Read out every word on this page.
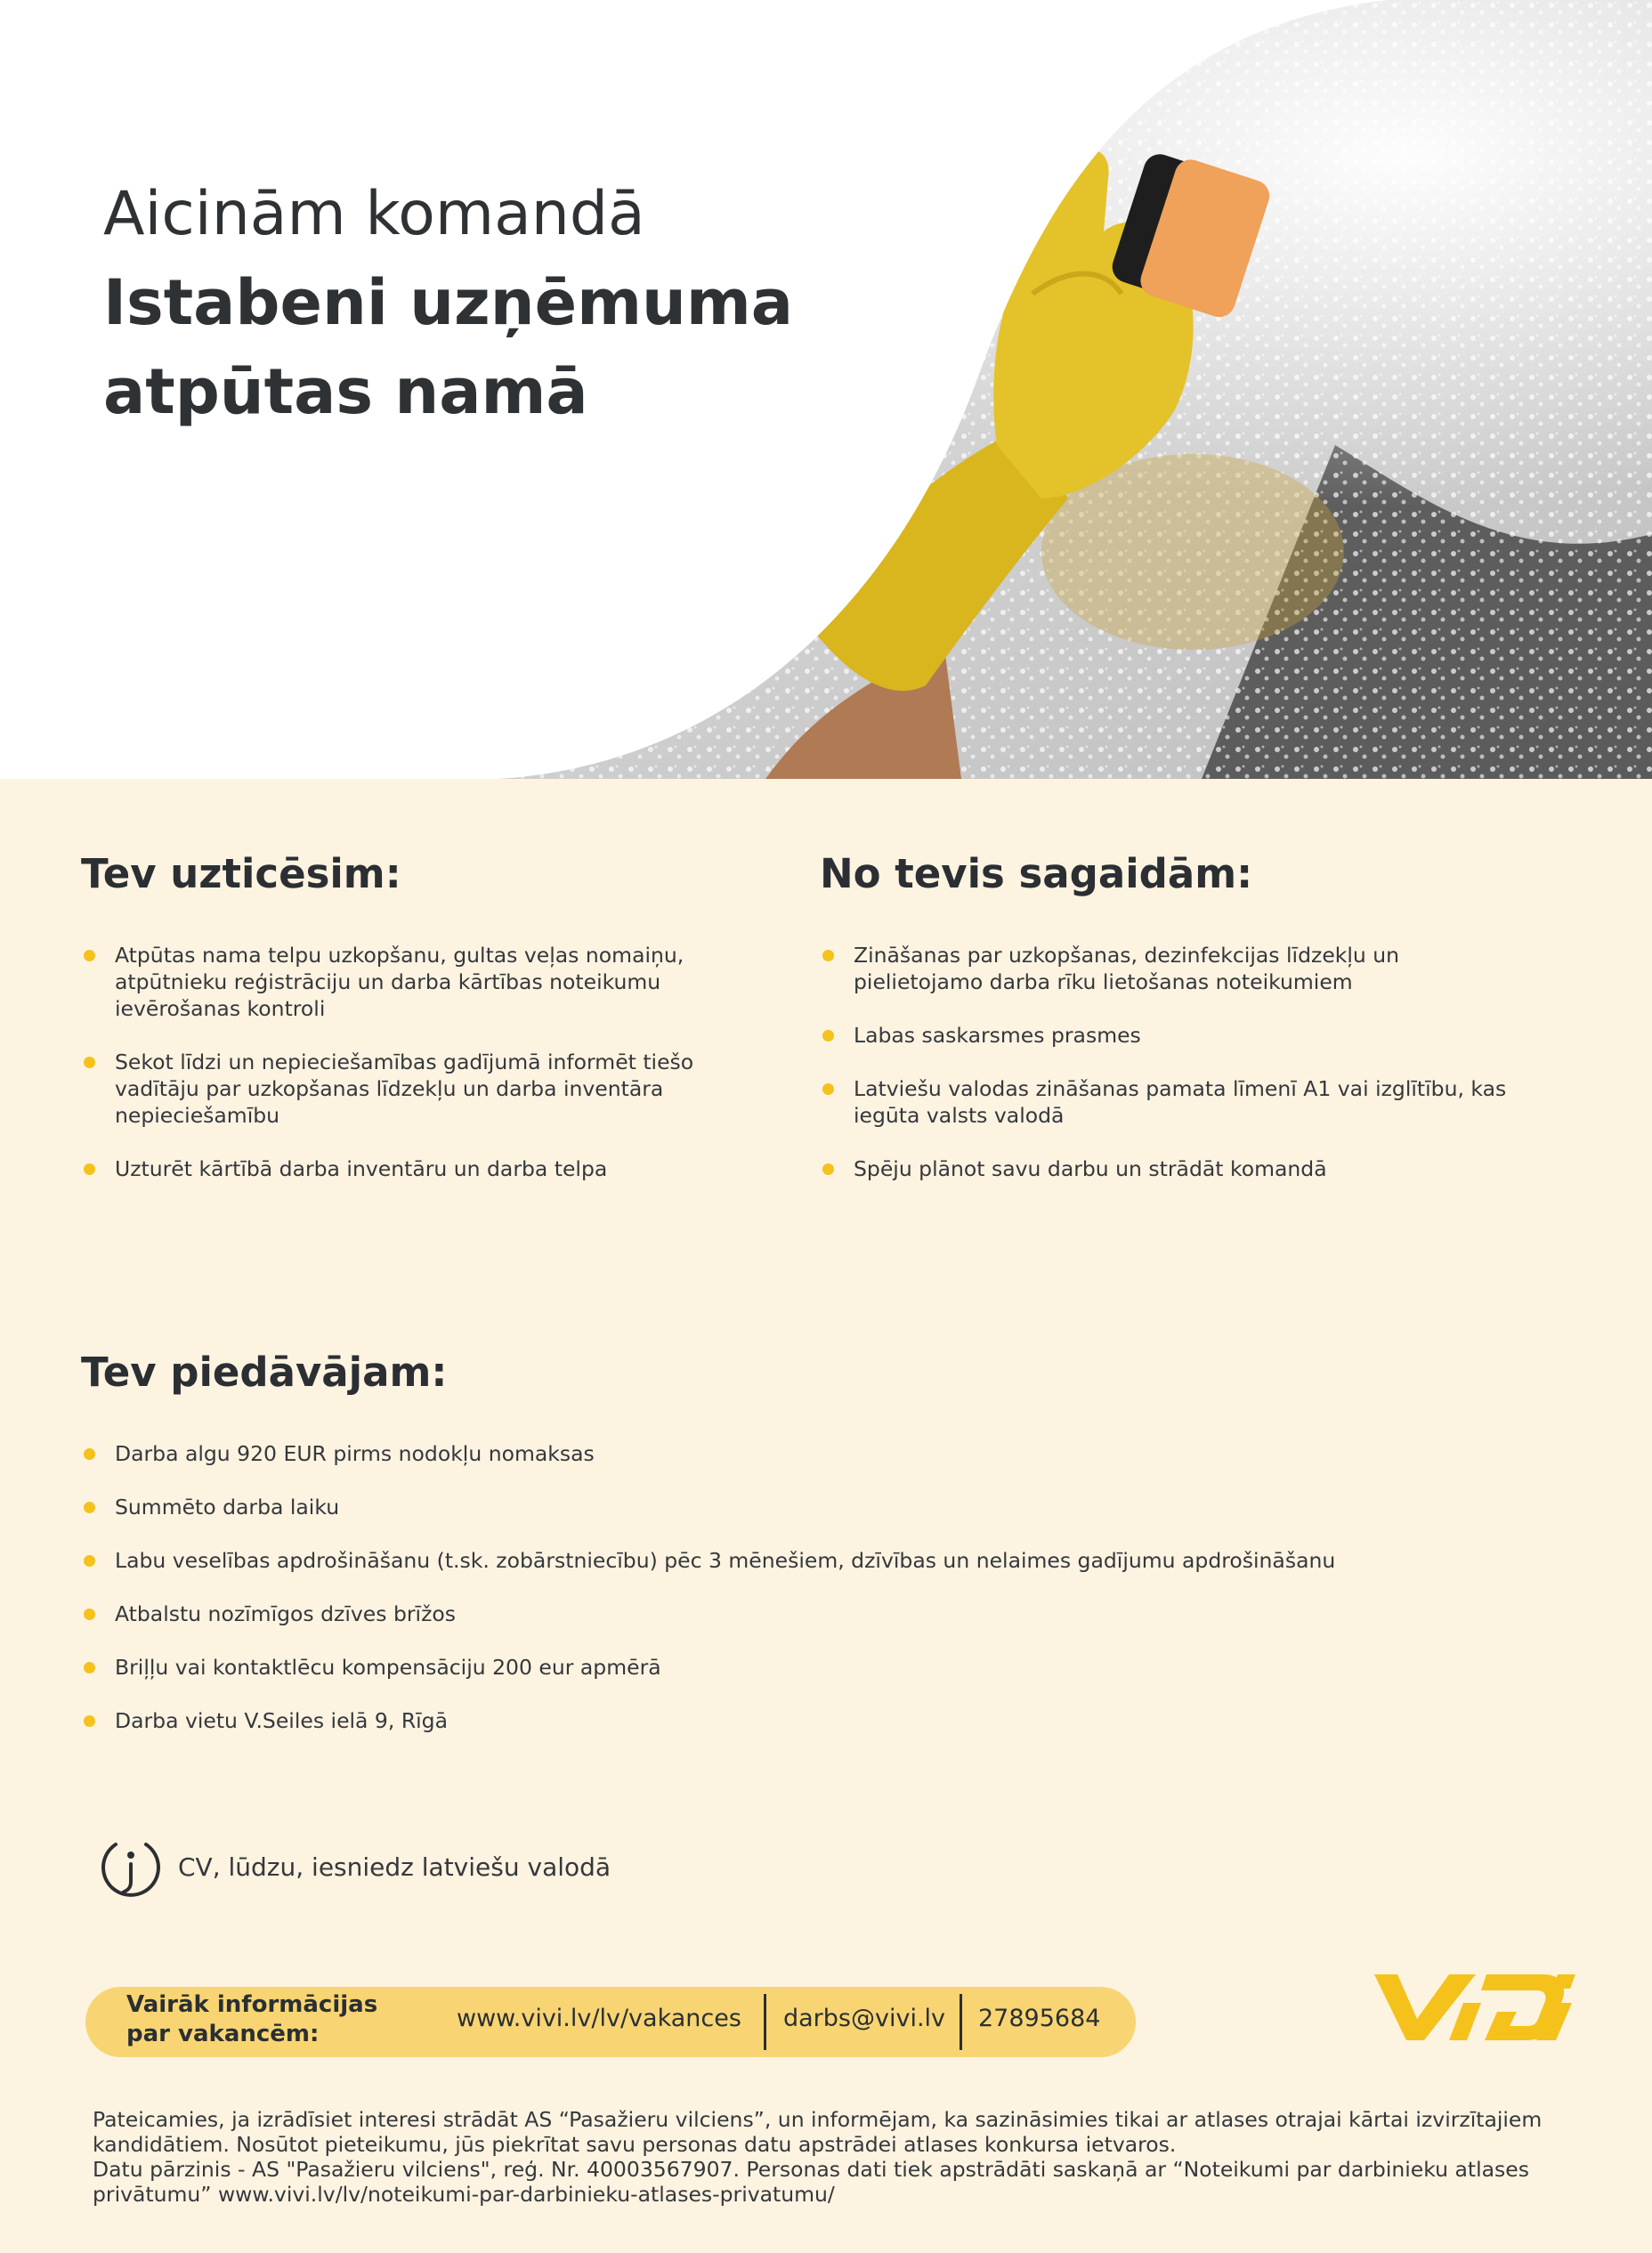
Aicinām komandā
Istabeni uzņēmuma
atpūtas namā
Tev uzticēsim:
Atpūtas nama telpu uzkopšanu, gultas veļas nomaiņu, atpūtnieku reģistrāciju un darba kārtības noteikumu ievērošanas kontroli
Sekot līdzi un nepieciešamības gadījumā informēt tiešo vadītāju par uzkopšanas līdzekļu un darba inventāra nepieciešamību
Uzturēt kārtībā darba inventāru un darba telpa
No tevis sagaidām:
Zināšanas par uzkopšanas, dezinfekcijas līdzekļu un pielietojamo darba rīku lietošanas noteikumiem
Labas saskarsmes prasmes
Latviešu valodas zināšanas pamata līmenī A1 vai izglītību, kas iegūta valsts valodā
Spēju plānot savu darbu un strādāt komandā
Tev piedāvājam:
Darba algu 920 EUR pirms nodokļu nomaksas
Summēto darba laiku
Labu veselības apdrošināšanu (t.sk. zobārstniecību) pēc 3 mēnešiem, dzīvības un nelaimes gadījumu apdrošināšanu
Atbalstu nozīmīgos dzīves brīžos
Briļļu vai kontaktlēcu kompensāciju 200 eur apmērā
Darba vietu V.Seiles ielā 9, Rīgā
CV, lūdzu, iesniedz latviešu valodā
Vairāk informācijas par vakancēm:
www.vivi.lv/lv/vakances darbs@vivi.lv 27895684

Pateicamies, ja izrādīsiet interesi strādāt AS “Pasažieru vilciens”, un informējam, ka sazināsimies tikai ar atlases otrajai kārtai izvirzītajiem kandidātiem. Nosūtot pieteikumu, jūs piekrītat savu personas datu apstrādei atlases konkursa ietvaros.

Datu pārzinis - AS "Pasažieru vilciens", reģ. Nr. 40003567907. Personas dati tiek apstrādāti saskaņā ar “Noteikumi par darbinieku atlases privātumu” www.vivi.lv/lv/noteikumi-par-darbinieku-atlases-privatumu/
